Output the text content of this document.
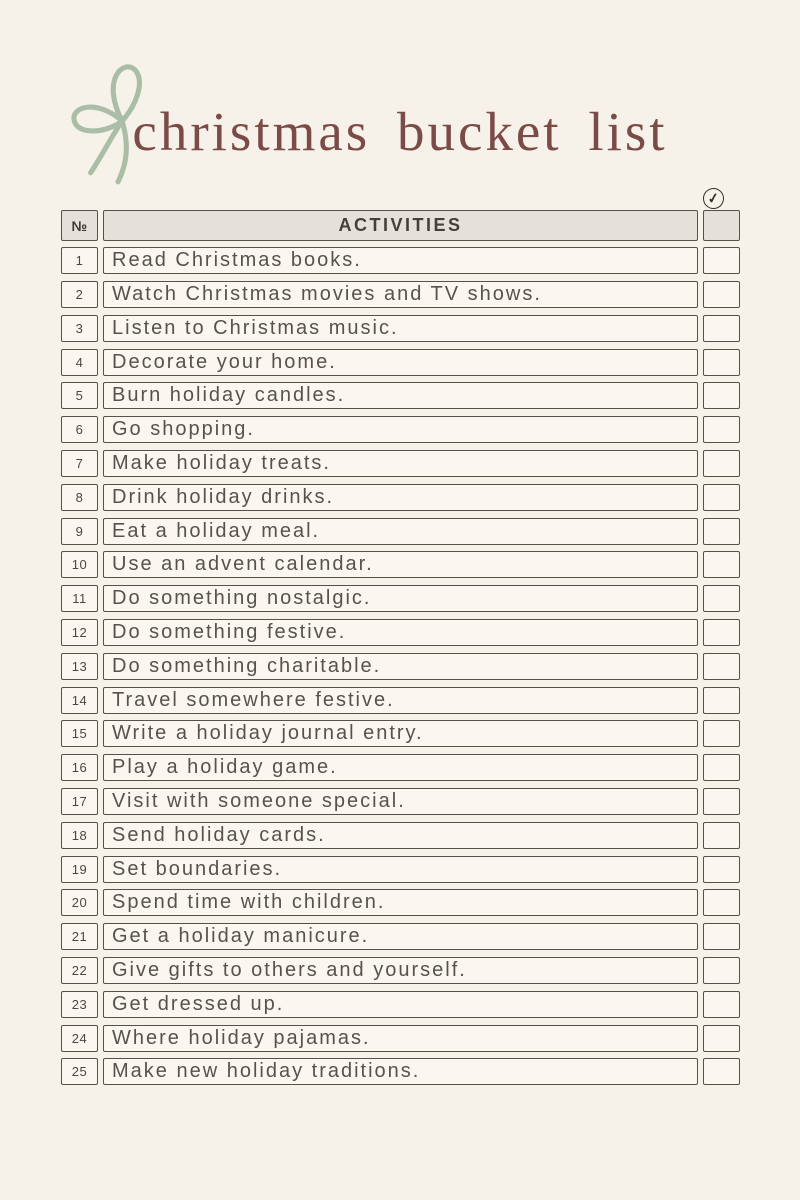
christmas bucket list
✓
№	ACTIVITIES
1	Read Christmas books.
2	Watch Christmas movies and TV shows.
3	Listen to Christmas music.
4	Decorate your home.
5	Burn holiday candles.
6	Go shopping.
7	Make holiday treats.
8	Drink holiday drinks.
9	Eat a holiday meal.
10	Use an advent calendar.
11	Do something nostalgic.
12	Do something festive.
13	Do something charitable.
14	Travel somewhere festive.
15	Write a holiday journal entry.
16	Play a holiday game.
17	Visit with someone special.
18	Send holiday cards.
19	Set boundaries.
20	Spend time with children.
21	Get a holiday manicure.
22	Give gifts to others and yourself.
23	Get dressed up.
24	Where holiday pajamas.
25	Make new holiday traditions.
